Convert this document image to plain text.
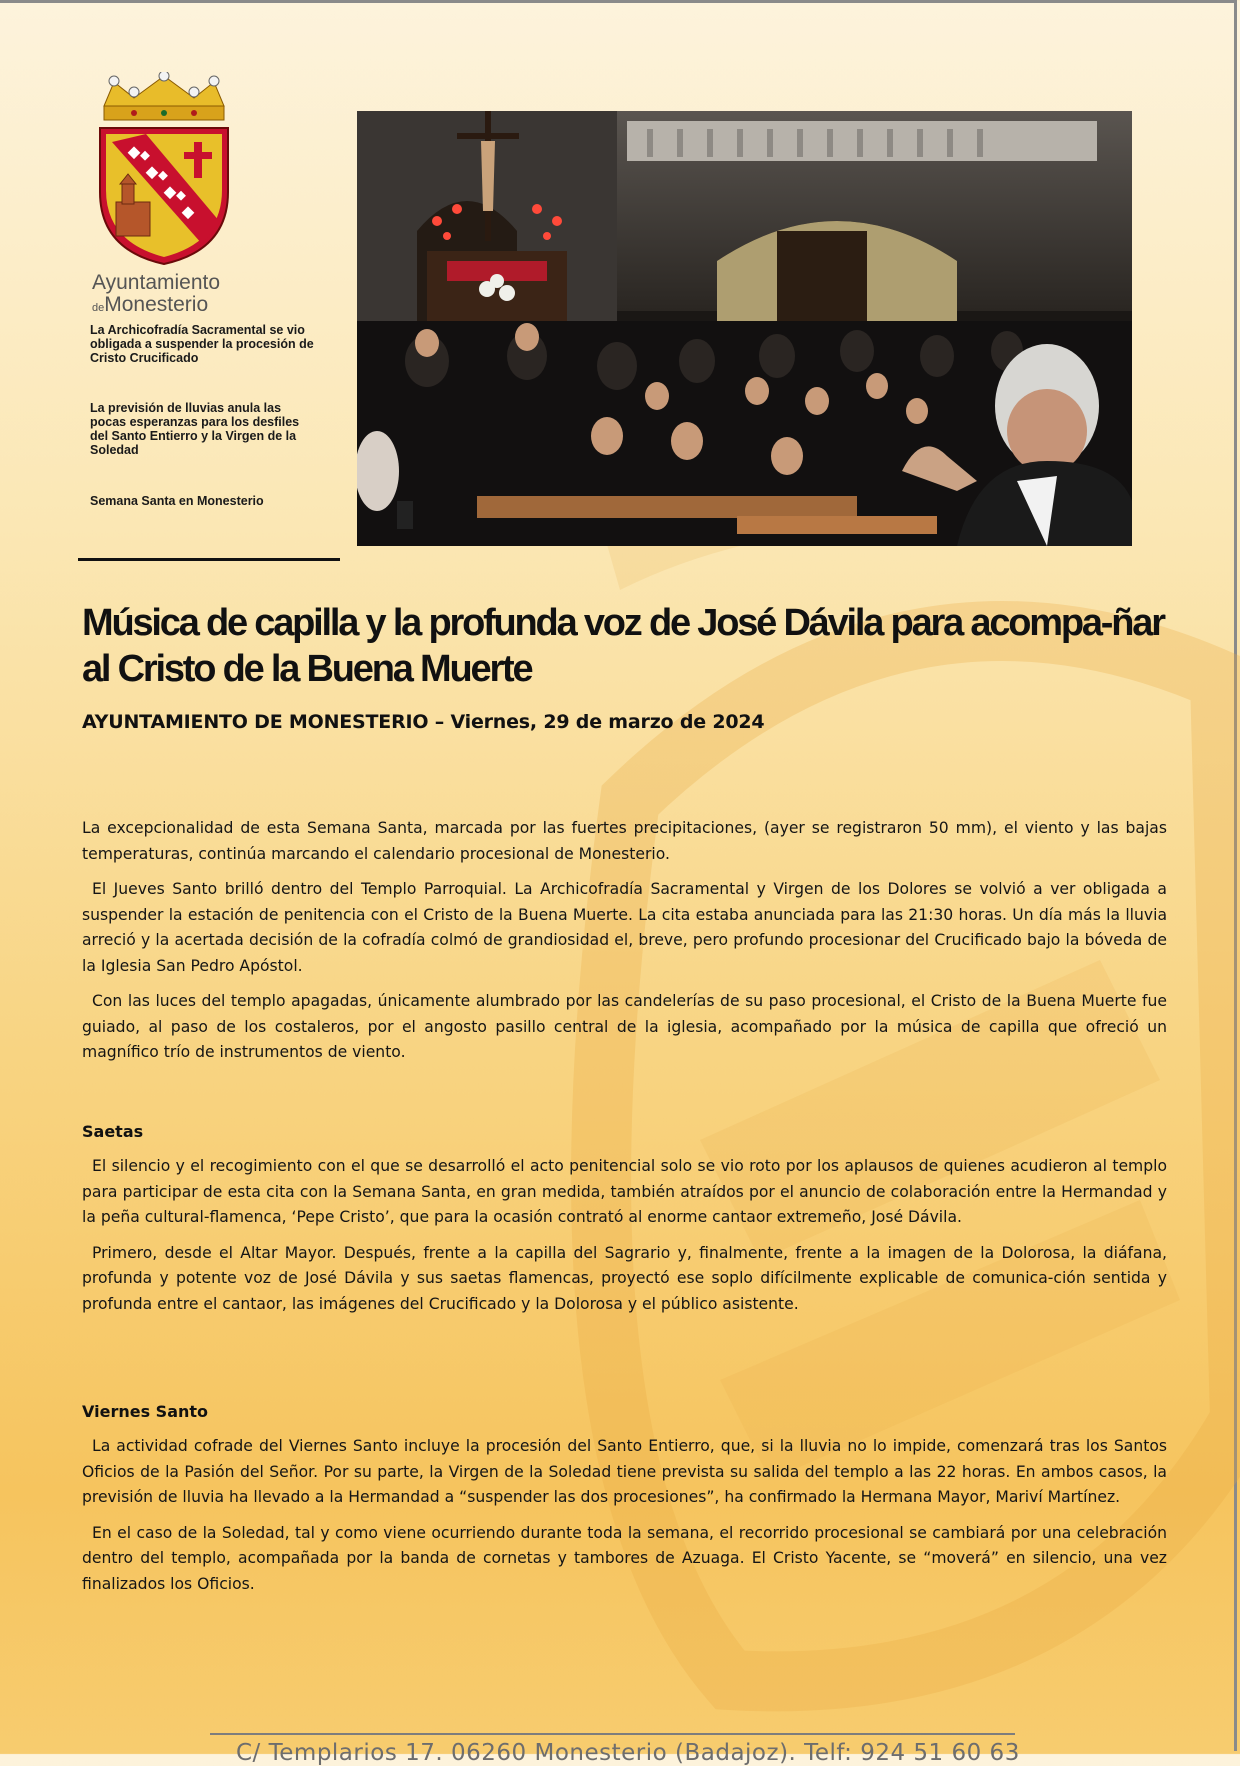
Ayuntamiento
deMonesterio

La Archicofradía Sacramental se vio obligada a suspender la procesión de Cristo Crucificado

La previsión de lluvias anula las pocas esperanzas para los desfiles del Santo Entierro y la Virgen de la Soledad

Semana Santa en Monesterio

Música de capilla y la profunda voz de José Dávila para acompa-ñar al Cristo de la Buena Muerte

AYUNTAMIENTO DE MONESTERIO – Viernes, 29 de marzo de 2024

La excepcionalidad de esta Semana Santa, marcada por las fuertes precipitaciones, (ayer se registraron 50 mm), el viento y las bajas temperaturas, continúa marcando el calendario procesional de Monesterio.

El Jueves Santo brilló dentro del Templo Parroquial. La Archicofradía Sacramental y Virgen de los Dolores se volvió a ver obligada a suspender la estación de penitencia con el Cristo de la Buena Muerte. La cita estaba anunciada para las 21:30 horas. Un día más la lluvia arreció y la acertada decisión de la cofradía colmó de grandiosidad el, breve, pero profundo procesionar del Crucificado bajo la bóveda de la Iglesia San Pedro Apóstol.

Con las luces del templo apagadas, únicamente alumbrado por las candelerías de su paso procesional, el Cristo de la Buena Muerte fue guiado, al paso de los costaleros, por el angosto pasillo central de la iglesia, acompañado por la música de capilla que ofreció un magnífico trío de instrumentos de viento.

Saetas

El silencio y el recogimiento con el que se desarrolló el acto penitencial solo se vio roto por los aplausos de quienes acudieron al templo para participar de esta cita con la Semana Santa, en gran medida, también atraídos por el anuncio de colaboración entre la Hermandad y la peña cultural-flamenca, ‘Pepe Cristo’, que para la ocasión contrató al enorme cantaor extremeño, José Dávila.

Primero, desde el Altar Mayor. Después, frente a la capilla del Sagrario y, finalmente, frente a la imagen de la Dolorosa, la diáfana, profunda y potente voz de José Dávila y sus saetas flamencas, proyectó ese soplo difícilmente explicable de comunica-ción sentida y profunda entre el cantaor, las imágenes del Crucificado y la Dolorosa y el público asistente.

Viernes Santo

La actividad cofrade del Viernes Santo incluye la procesión del Santo Entierro, que, si la lluvia no lo impide, comenzará tras los Santos Oficios de la Pasión del Señor. Por su parte, la Virgen de la Soledad tiene prevista su salida del templo a las 22 horas. En ambos casos, la previsión de lluvia ha llevado a la Hermandad a “suspender las dos procesiones”, ha confirmado la Hermana Mayor, Mariví Martínez.

En el caso de la Soledad, tal y como viene ocurriendo durante toda la semana, el recorrido procesional se cambiará por una celebración dentro del templo, acompañada por la banda de cornetas y tambores de Azuaga. El Cristo Yacente, se “moverá” en silencio, una vez finalizados los Oficios.

C/ Templarios 17. 06260 Monesterio (Badajoz). Telf: 924 51 60 63
